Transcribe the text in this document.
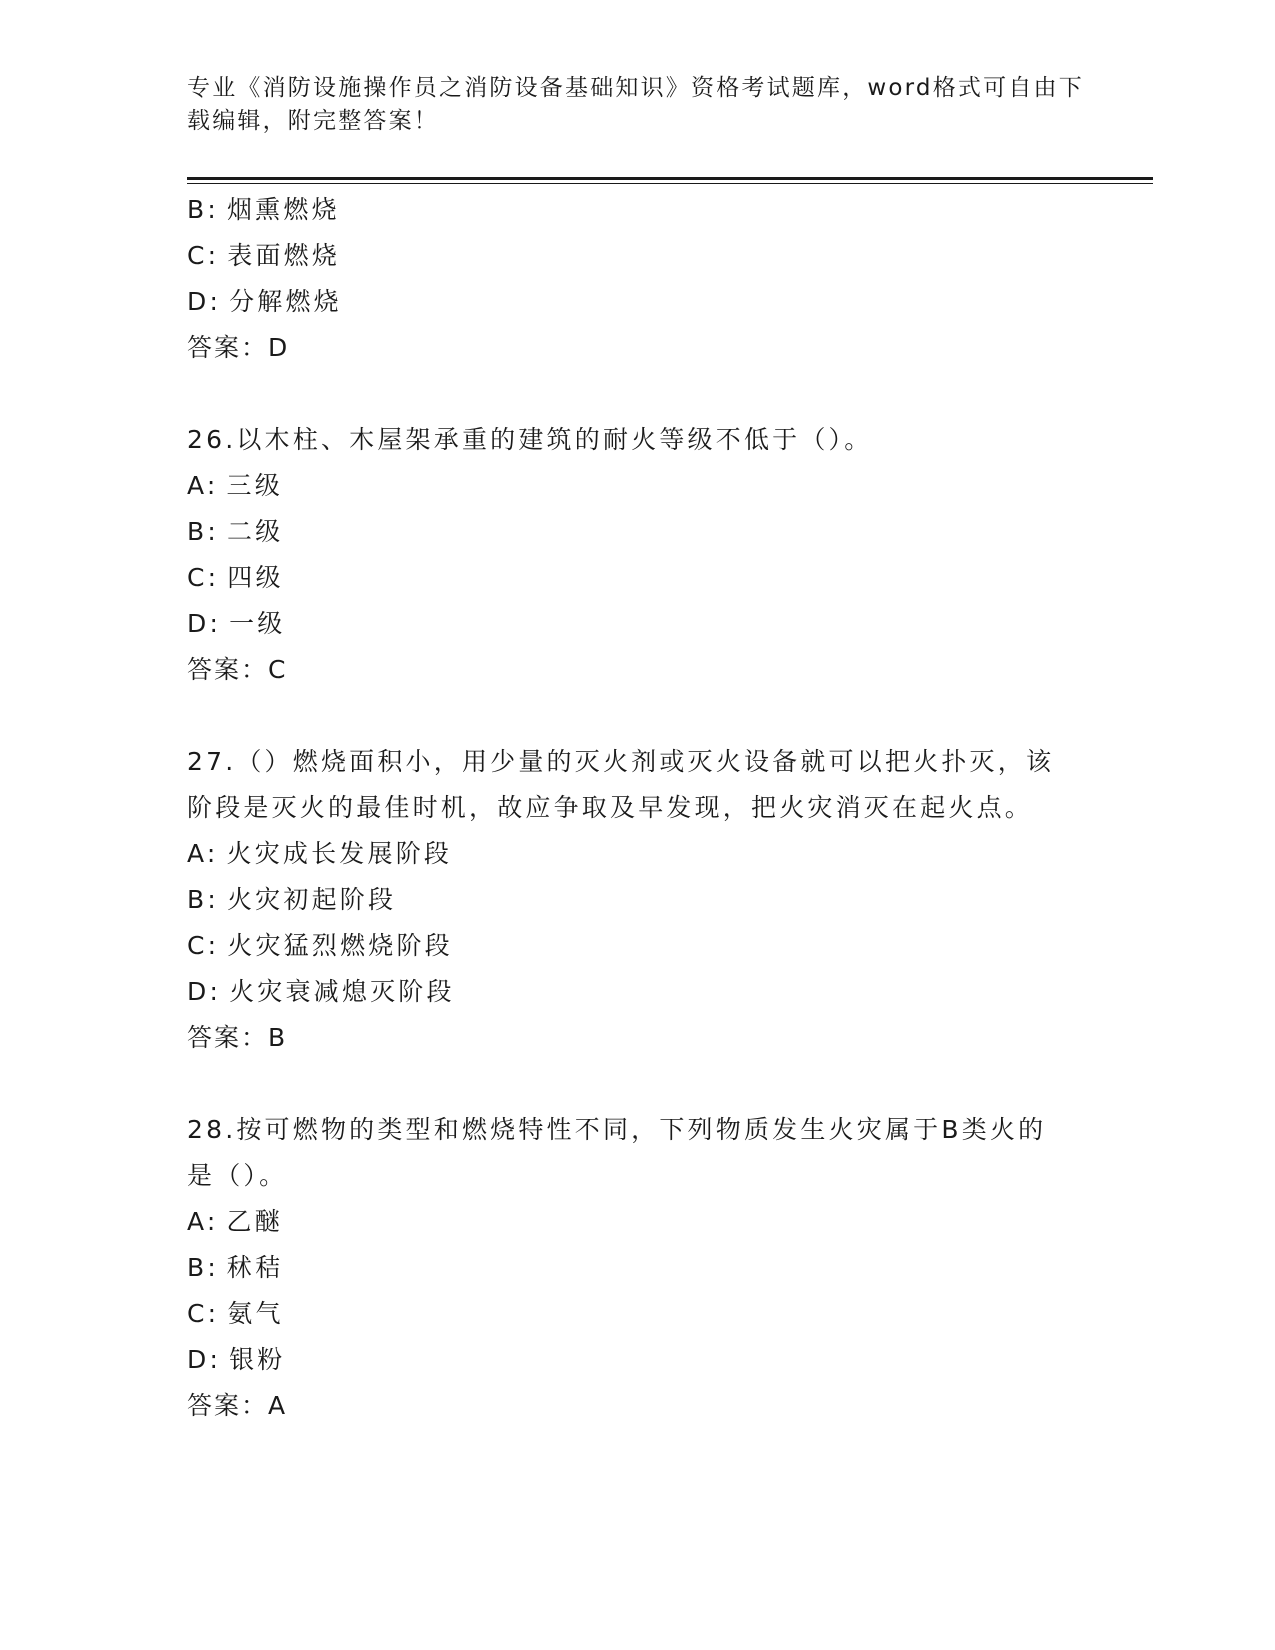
专业《消防设施操作员之消防设备基础知识》资格考试题库，word格式可自由下
载编辑，附完整答案！
B: 烟熏燃烧
C: 表面燃烧
D: 分解燃烧
答案：D
26.以木柱、木屋架承重的建筑的耐火等级不低于（）。
A: 三级
B: 二级
C: 四级
D: 一级
答案：C
27.（）燃烧面积小，用少量的灭火剂或灭火设备就可以把火扑灭，该
阶段是灭火的最佳时机，故应争取及早发现，把火灾消灭在起火点。
A: 火灾成长发展阶段
B: 火灾初起阶段
C: 火灾猛烈燃烧阶段
D: 火灾衰减熄灭阶段
答案：B
28.按可燃物的类型和燃烧特性不同，下列物质发生火灾属于B类火的
是（）。
A: 乙醚
B: 秫秸
C: 氨气
D: 银粉
答案：A
